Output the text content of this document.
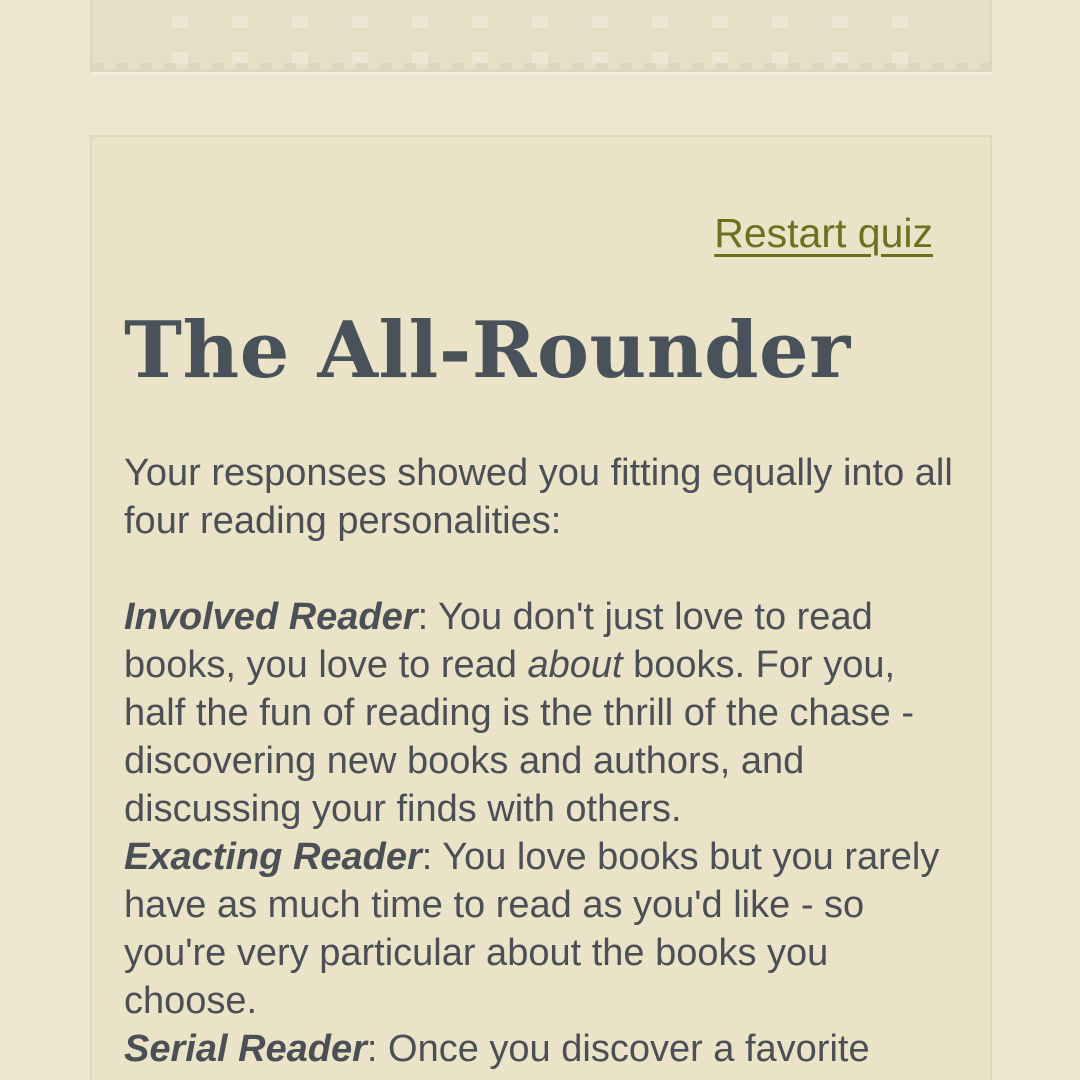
Restart quiz
The All-Rounder

Your responses showed you fitting equally into all four reading personalities:

Involved Reader: You don't just love to read books, you love to read about books. For you, half the fun of reading is the thrill of the chase - discovering new books and authors, and discussing your finds with others.
Exacting Reader: You love books but you rarely have as much time to read as you'd like - so you're very particular about the books you choose.
Serial Reader: Once you discover a favorite
